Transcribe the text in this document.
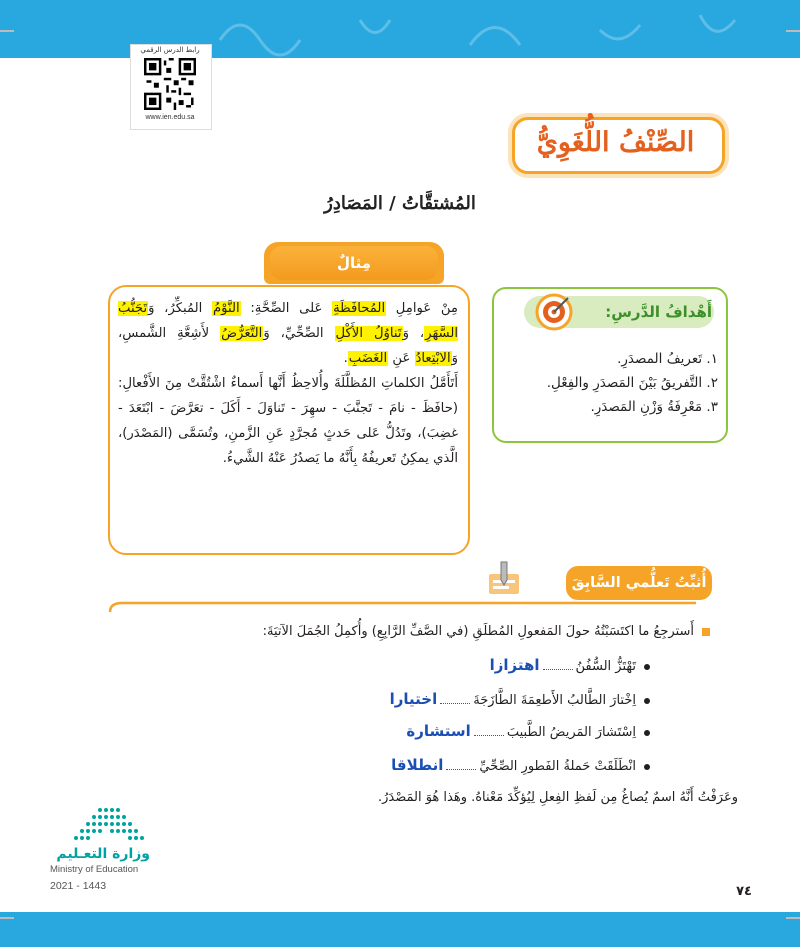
رابط الدرس الرقمي
www.ien.edu.sa
الصِّنْفُ اللُّغَوِيُّ
المُشتقَّاتُ / المَصَادِرُ
مِثالٌ
مِنْ عَوامِلِ المُحافَظَةِ عَلى الصِّحَّةِ: النَّوْمُ المُبكِّرُ، وَتَجَنُّبُ السَّهَرِ، وَتَناوُلُ الأَكْلِ الصِّحِّيِّ، وَالتَّعَرُّضُ لأَشِعَّةِ الشَّمسِ، وَالابْتِعادُ عَنِ الغَضَبِ.
أَتَأَمَّلُ الكلماتِ المُظلَّلَةَ وأُلاحِظُ أَنَّها أَسماءٌ اشْتُقَّتْ مِنَ الأَفْعالِ: (حافَظَ - نامَ - تَجنَّبَ - سهِرَ - تَناوَلَ - أَكَلَ - تعَرَّضَ - ابْتَعَدَ - غضِبَ)، وتَدُلُّ عَلى حَدثٍ مُجرَّدٍ عَنِ الزَّمنِ، وتُسَمَّى (المَصْدَر)، الَّذي يمكِنُ تَعريفُهُ بِأَنَّهُ ما يَصدُرُ عَنْهُ الشَّيءُ.
أَهْدافُ الدَّرسِ:
١. تَعريفُ المصدَرِ.
٢. التَّفريقُ بَيْنَ المَصدَرِ والفِعْلِ.
٣. مَعْرِفَةُ وَزْنِ المَصدَرِ.
أُثبِّتُ تَعلُّمي السَّابِقَ
أَسترجِعُ ما اكتَسَبْتُهُ حولَ المَفعولِ المُطلَقِ (في الصَّفِّ الرَّابِعِ) وأُكمِلُ الجُمَلَ الآتيَةَ:
تَهْتَزُّ السُّفُنُاهتزازا
اِخْتارَ الطَّالبُ الأَطعِمَةَ الطَّازَجَةَاختيارا
اِسْتَشارَ المَريضُ الطَّبيبَاستشارة
انْطَلَقَتْ حَملةُ الفَطورِ الصِّحِّيِّانطلاقا
وعَرَفْتُ أَنَّهُ اسمٌ يُصاغُ مِن لَفظِ الفِعلِ لِيُؤكِّدَ مَعْناهُ. وهَذا هُوَ المَصْدَرُ.
وزارة التعـليم
Ministry of Education
2021 - 1443	٧٤
